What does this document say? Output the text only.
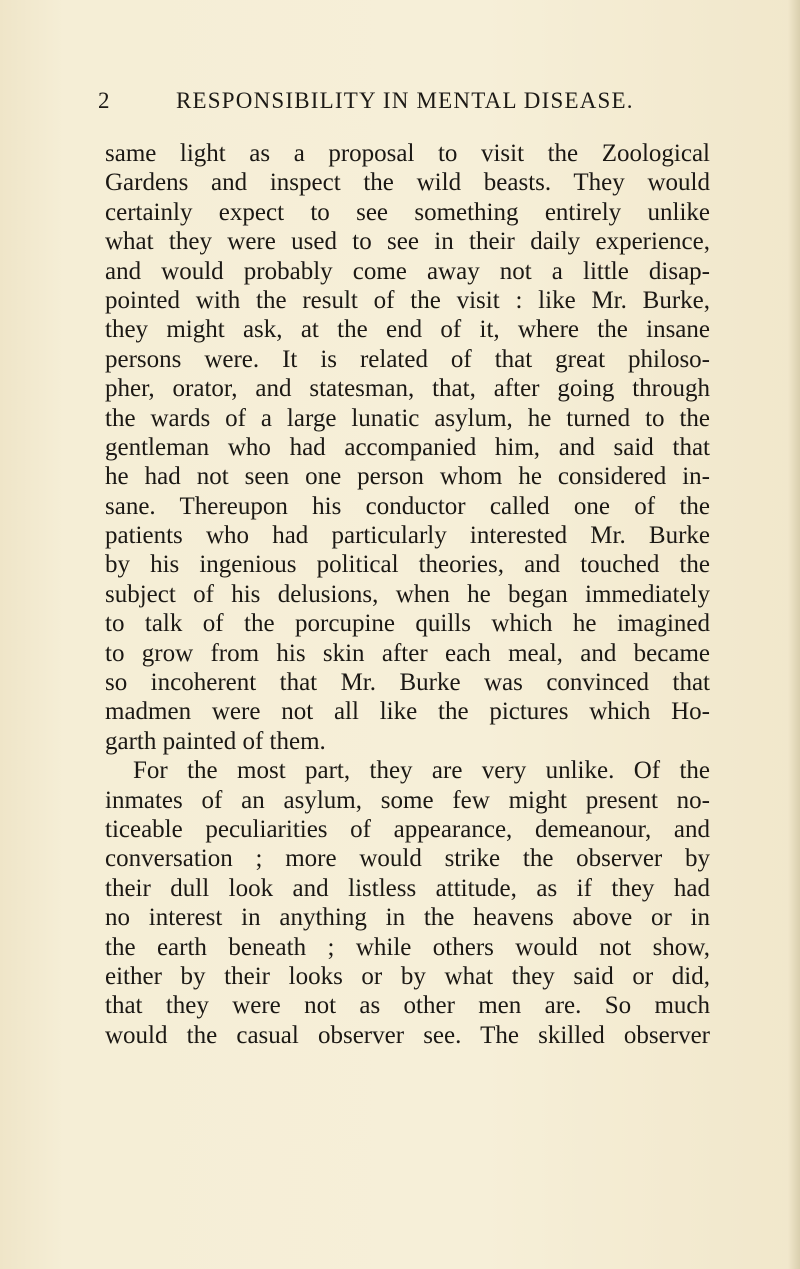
2	RESPONSIBILITY IN MENTAL DISEASE.
same light as a proposal to visit the Zoological
Gardens and inspect the wild beasts. They would
certainly expect to see something entirely unlike
what they were used to see in their daily experience,
and would probably come away not a little disap-
pointed with the result of the visit : like Mr. Burke,
they might ask, at the end of it, where the insane
persons were. It is related of that great philoso-
pher, orator, and statesman, that, after going through
the wards of a large lunatic asylum, he turned to the
gentleman who had accompanied him, and said that
he had not seen one person whom he considered in-
sane. Thereupon his conductor called one of the
patients who had particularly interested Mr. Burke
by his ingenious political theories, and touched the
subject of his delusions, when he began immediately
to talk of the porcupine quills which he imagined
to grow from his skin after each meal, and became
so incoherent that Mr. Burke was convinced that
madmen were not all like the pictures which Ho-
garth painted of them.
For the most part, they are very unlike. Of the
inmates of an asylum, some few might present no-
ticeable peculiarities of appearance, demeanour, and
conversation ; more would strike the observer by
their dull look and listless attitude, as if they had
no interest in anything in the heavens above or in
the earth beneath ; while others would not show,
either by their looks or by what they said or did,
that they were not as other men are. So much
would the casual observer see. The skilled observer
